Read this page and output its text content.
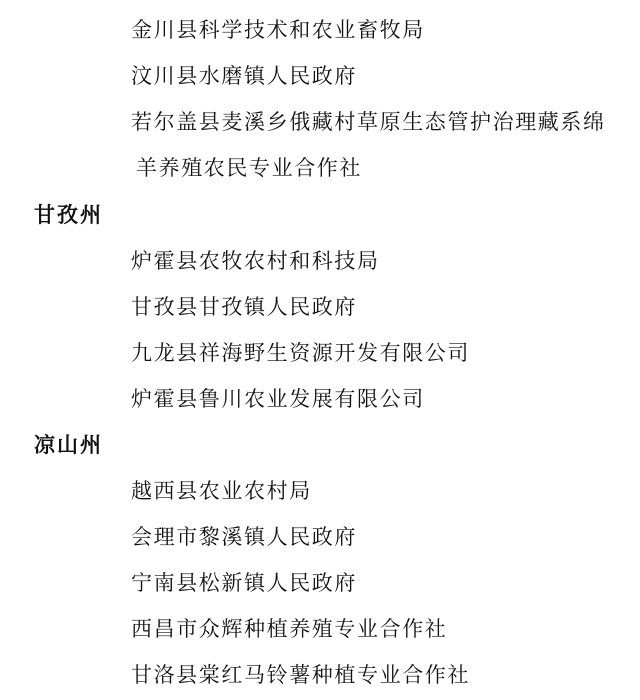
金川县科学技术和农业畜牧局
汶川县水磨镇人民政府
若尔盖县麦溪乡俄藏村草原生态管护治理藏系绵
羊养殖农民专业合作社
甘孜州
炉霍县农牧农村和科技局
甘孜县甘孜镇人民政府
九龙县祥海野生资源开发有限公司
炉霍县鲁川农业发展有限公司
凉山州
越西县农业农村局
会理市黎溪镇人民政府
宁南县松新镇人民政府
西昌市众辉种植养殖专业合作社
甘洛县棠红马铃薯种植专业合作社
